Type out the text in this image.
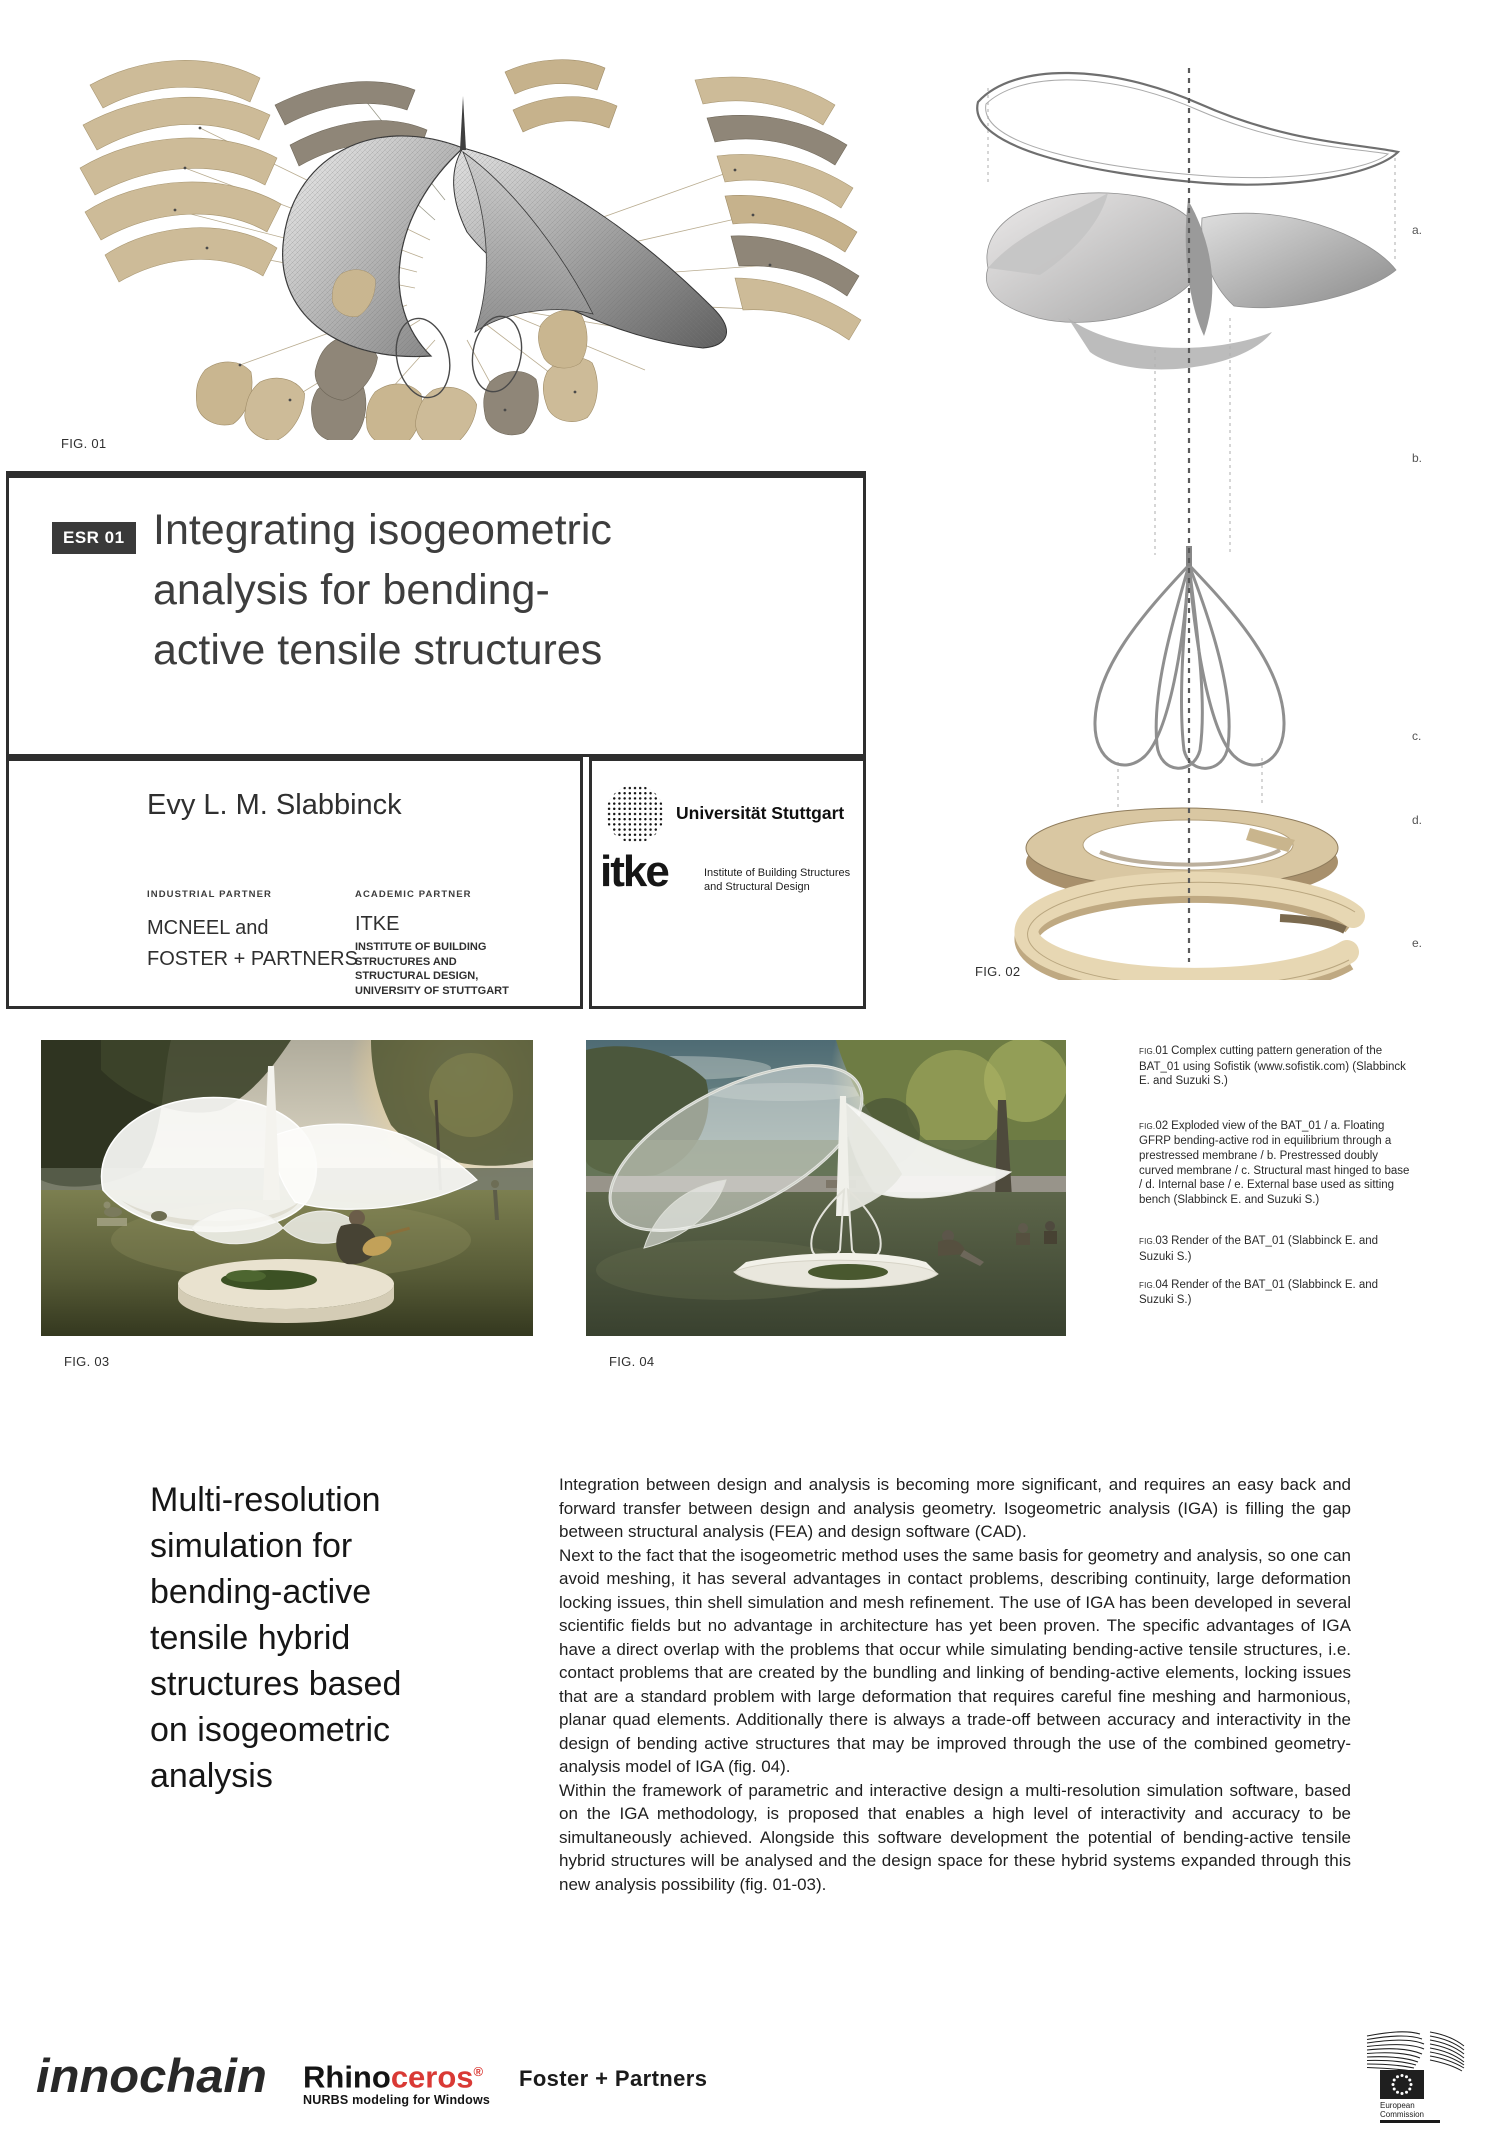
FIG. 01
a.
b.
c.
d.
e.
FIG. 02
ESR 01 Integrating isogeometric
analysis for bending-
active tensile structures
Evy L. M. Slabbinck
INDUSTRIAL PARTNER
MCNEEL and
FOSTER + PARTNERS
ACADEMIC PARTNER
ITKE
INSTITUTE OF BUILDING STRUCTURES AND STRUCTURAL DESIGN, UNIVERSITY OF STUTTGART
Universität Stuttgart
itke	Institute of Building Structures
and Structural Design
FIG. 03	FIG. 04
FIG.01 Complex cutting pattern generation of the BAT_01 using Sofistik (www.sofistik.com) (Slabbinck E. and Suzuki S.)
FIG.02 Exploded view of the BAT_01 / a. Floating GFRP bending-active rod in equilibrium through a prestressed membrane / b. Prestressed doubly curved membrane / c. Structural mast hinged to base / d. Internal base / e. External base used as sitting bench (Slabbinck E. and Suzuki S.)
FIG.03 Render of the BAT_01 (Slabbinck E. and Suzuki S.)
FIG.04 Render of the BAT_01 (Slabbinck E. and Suzuki S.)
Multi-resolution
simulation for
bending-active
tensile hybrid
structures based
on isogeometric
analysis

Integration between design and analysis is becoming more significant, and requires an easy back and forward transfer between design and analysis geometry. Isogeometric analysis (IGA) is filling the gap between structural analysis (FEA) and design software (CAD).

Next to the fact that the isogeometric method uses the same basis for geometry and analysis, so one can avoid meshing, it has several advantages in contact problems, describing continuity, large deformation locking issues, thin shell simulation and mesh refinement. The use of IGA has been developed in several scientific fields but no advantage in architecture has yet been proven. The specific advantages of IGA have a direct overlap with the problems that occur while simulating bending-active tensile structures, i.e. contact problems that are created by the bundling and linking of bending-active elements, locking issues that are a standard problem with large deformation that requires careful fine meshing and harmonious, planar quad elements. Additionally there is always a trade-off between accuracy and interactivity in the design of bending active structures that may be improved through the use of the combined geometry-analysis model of IGA (fig. 04).

Within the framework of parametric and interactive design a multi-resolution simulation software, based on the IGA methodology, is proposed that enables a high level of interactivity and accuracy to be simultaneously achieved. Alongside this software development the potential of bending-active tensile hybrid structures will be analysed and the design space for these hybrid systems expanded through this new analysis possibility (fig. 01-03).

innochain Rhinoceros®
NURBS modeling for Windows
Foster + Partners
European
Commission
